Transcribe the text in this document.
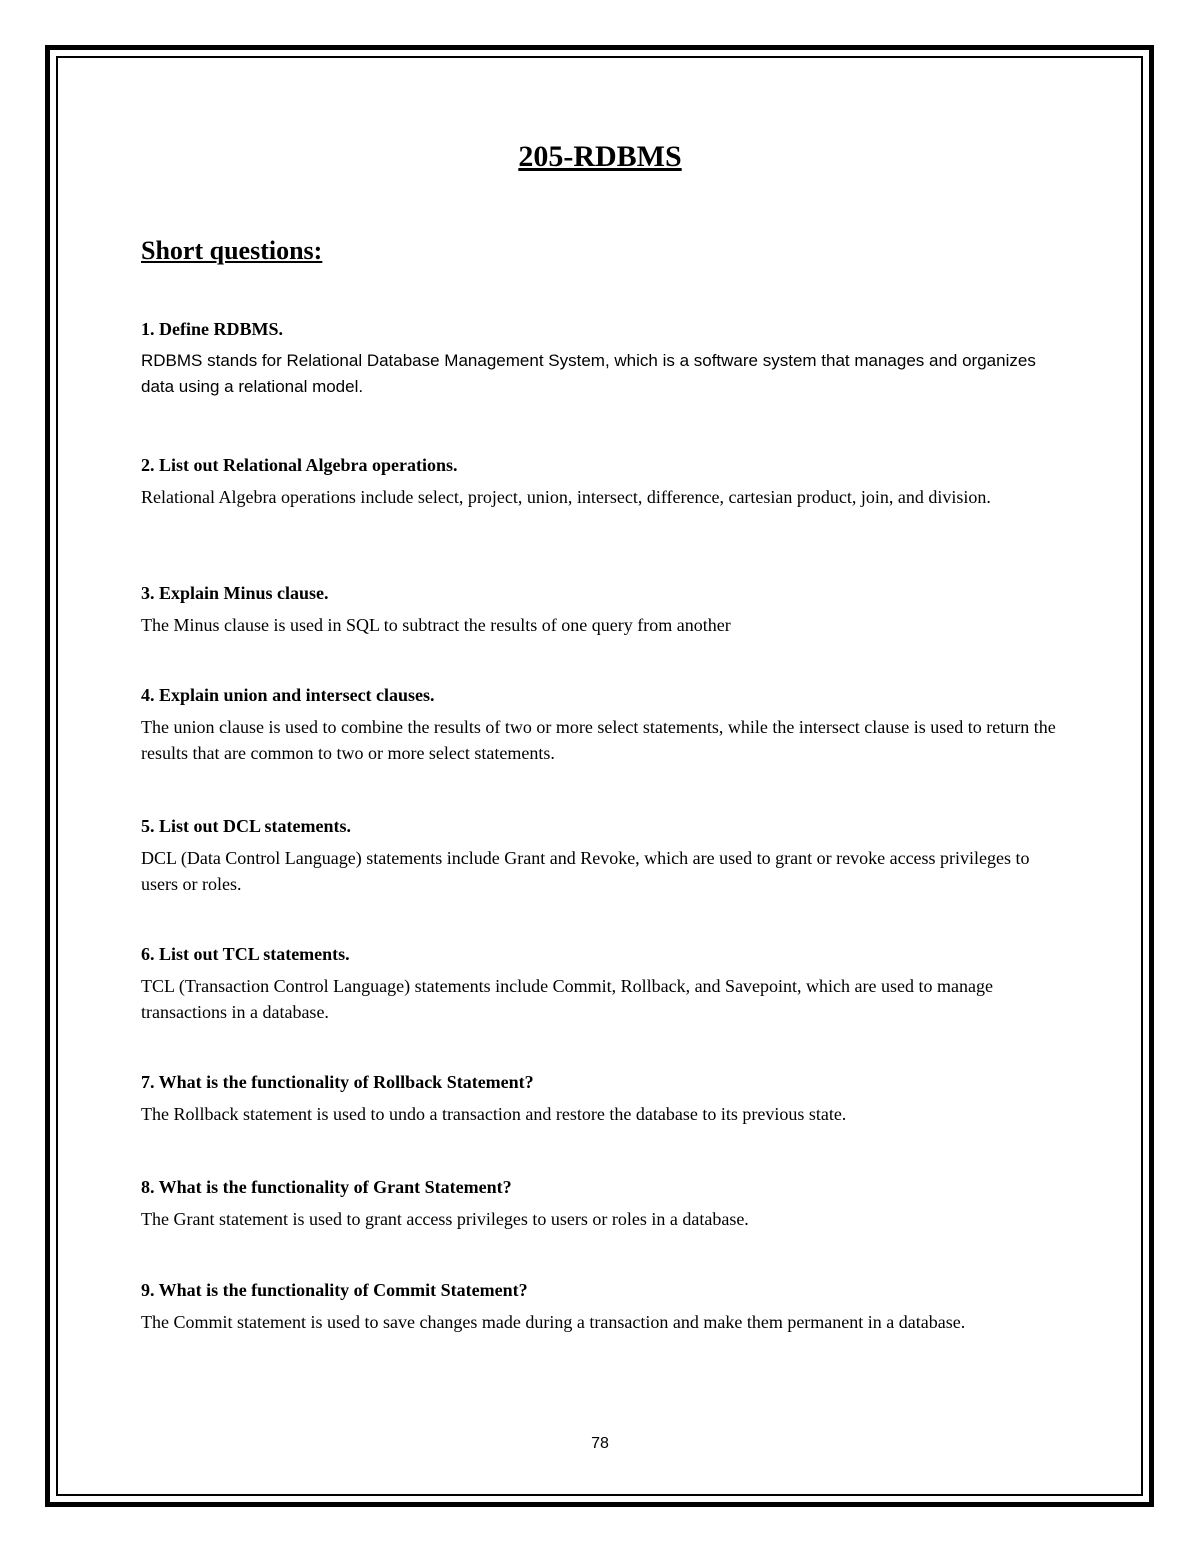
205-RDBMS
Short questions:

1. Define RDBMS.

RDBMS stands for Relational Database Management System, which is a software system that manages and organizes data using a relational model.

2. List out Relational Algebra operations.

Relational Algebra operations include select, project, union, intersect, difference, cartesian product, join, and division.

3. Explain Minus clause.

The Minus clause is used in SQL to subtract the results of one query from another

4. Explain union and intersect clauses.

The union clause is used to combine the results of two or more select statements, while the intersect clause is used to return the results that are common to two or more select statements.

5. List out DCL statements.

DCL (Data Control Language) statements include Grant and Revoke, which are used to grant or revoke access privileges to users or roles.

6. List out TCL statements.

TCL (Transaction Control Language) statements include Commit, Rollback, and Savepoint, which are used to manage transactions in a database.

7. What is the functionality of Rollback Statement?

The Rollback statement is used to undo a transaction and restore the database to its previous state.

8. What is the functionality of Grant Statement?

The Grant statement is used to grant access privileges to users or roles in a database.

9. What is the functionality of Commit Statement?

The Commit statement is used to save changes made during a transaction and make them permanent in a database.

78
